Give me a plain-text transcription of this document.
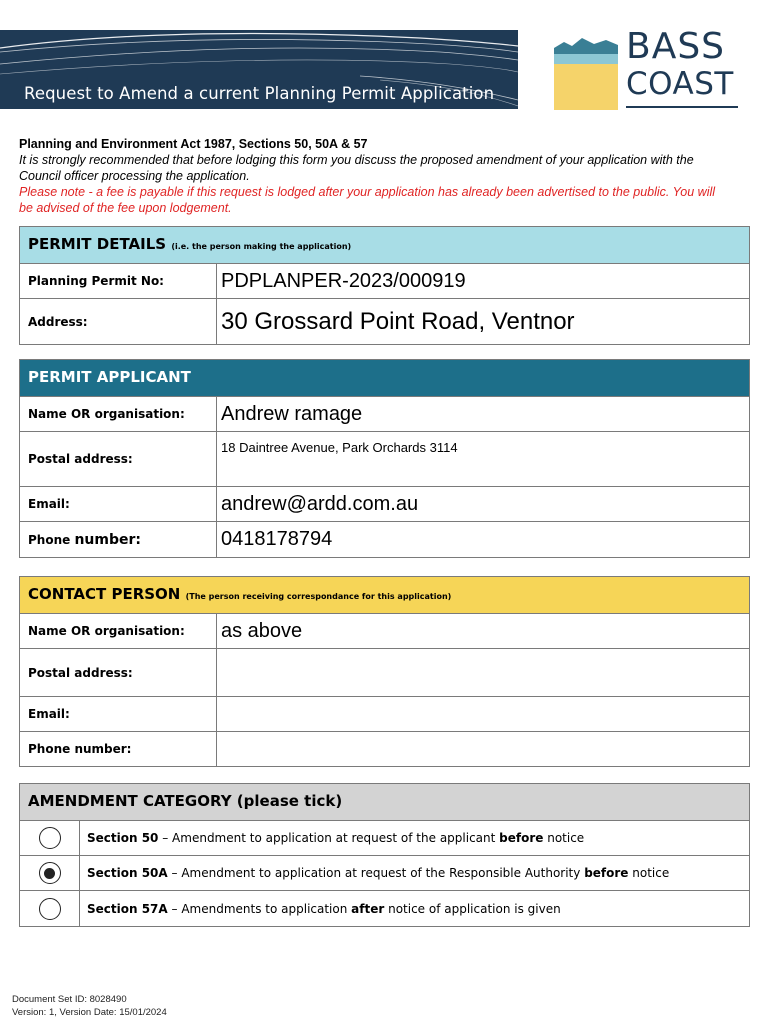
Request to Amend a current Planning Permit Application
BASS
COAST
Planning and Environment Act 1987, Sections 50, 50A & 57
It is strongly recommended that before lodging this form you discuss the proposed amendment of your application with the Council officer processing the application.
Please note - a fee is payable if this request is lodged after your application has already been advertised to the public. You will be advised of the fee upon lodgement.
PERMIT DETAILS (i.e. the person making the application)
Planning Permit No:	PDPLANPER-2023/000919
Address:	30 Grossard Point Road, Ventnor
PERMIT APPLICANT
Name OR organisation:	Andrew ramage
Postal address:
18 Daintree Avenue, Park Orchards 3114
Email:	andrew@ardd.com.au
Phone number:	0418178794
CONTACT PERSON (The person receiving correspondance for this application)
Name OR organisation:	as above
Postal address:
Email:
Phone number:
AMENDMENT CATEGORY (please tick)
Section 50 – Amendment to application at request of the applicant before notice
Section 50A – Amendment to application at request of the Responsible Authority before notice
Section 57A – Amendments to application after notice of application is given
Document Set ID: 8028490
Version: 1, Version Date: 15/01/2024
